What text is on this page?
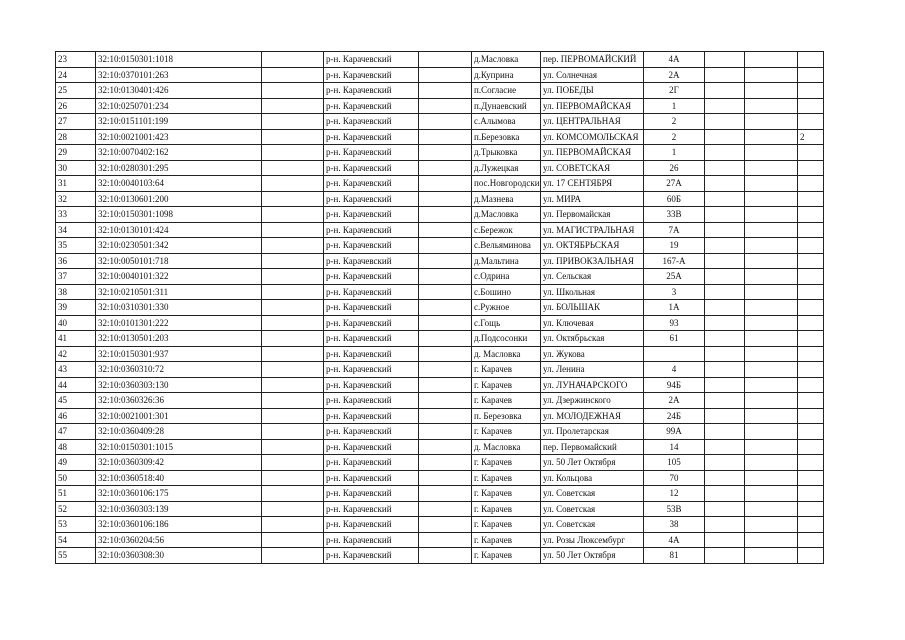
23	32:10:0150301:1018		р-н. Карачевский		д.Масловка	пер. ПЕРВОМАЙСКИЙ	4А			
24	32:10:0370101:263		р-н. Карачевский		д.Куприна	ул. Солнечная	2А			
25	32:10:0130401:426		р-н. Карачевский		п.Согласие	ул. ПОБЕДЫ	2Г			
26	32:10:0250701:234		р-н. Карачевский		п.Дунаевский	ул. ПЕРВОМАЙСКАЯ	1			
27	32:10:0151101:199		р-н. Карачевский		с.Алымова	ул. ЦЕНТРАЛЬНАЯ	2			
28	32:10:0021001:423		р-н. Карачевский		п.Березовка	ул. КОМСОМОЛЬСКАЯ	2			2
29	32:10:0070402:162		р-н. Карачевский		д.Трыковка	ул. ПЕРВОМАЙСКАЯ	1			
30	32:10:0280301:295		р-н. Карачевский		д.Лужецкая	ул. СОВЕТСКАЯ	26			
31	32:10:0040103:64		р-н. Карачевский		пос.Новгородски	ул. 17 СЕНТЯБРЯ	27А			
32	32:10:0130601:200		р-н. Карачевский		д.Мазнева	ул. МИРА	60Б			
33	32:10:0150301:1098		р-н. Карачевский		д.Масловка	ул. Первомайская	33В			
34	32:10:0130101:424		р-н. Карачевский		с.Бережок	ул. МАГИСТРАЛЬНАЯ	7А			
35	32:10:0230501:342		р-н. Карачевский		с.Вельяминова	ул. ОКТЯБРЬСКАЯ	19			
36	32:10:0050101:718		р-н. Карачевский		д.Мальтина	ул. ПРИВОКЗАЛЬНАЯ	167-А			
37	32:10:0040101:322		р-н. Карачевский		с.Одрина	ул. Сельская	25А			
38	32:10:0210501:311		р-н. Карачевский		с.Бошино	ул. Школьная	3			
39	32:10:0310301:330		р-н. Карачевский		с.Ружное	ул. БОЛЬШАК	1А			
40	32:10:0101301:222		р-н. Карачевский		с.Гощь	ул. Ключевая	93			
41	32:10:0130501:203		р-н. Карачевский		д.Подсосонки	ул. Октябрьская	61			
42	32:10:0150301:937		р-н. Карачевский		д. Масловка	ул. Жукова				
43	32:10:0360310:72		р-н. Карачевский		г. Карачев	ул. Ленина	4			
44	32:10:0360303:130		р-н. Карачевский		г. Карачев	ул. ЛУНАЧАРСКОГО	94Б			
45	32:10:0360326:36		р-н. Карачевский		г. Карачев	ул. Дзержинского	2А			
46	32:10:0021001:301		р-н. Карачевский		п. Березовка	ул. МОЛОДЕЖНАЯ	24Б			
47	32:10:0360409:28		р-н. Карачевский		г. Карачев	ул. Пролетарская	99А			
48	32:10:0150301:1015		р-н. Карачевский		д. Масловка	пер. Первомайский	14			
49	32:10:0360309:42		р-н. Карачевский		г. Карачев	ул. 50 Лет Октября	105			
50	32:10:0360518:40		р-н. Карачевский		г. Карачев	ул. Кольцова	70			
51	32:10:0360106:175		р-н. Карачевский		г. Карачев	ул. Советская	12			
52	32:10:0360303:139		р-н. Карачевский		г. Карачев	ул. Советская	53В			
53	32:10:0360106:186		р-н. Карачевский		г. Карачев	ул. Советская	38			
54	32:10:0360204:56		р-н. Карачевский		г. Карачев	ул. Розы Люксембург	4А			
55	32:10:0360308:30		р-н. Карачевский		г. Карачев	ул. 50 Лет Октября	81			
